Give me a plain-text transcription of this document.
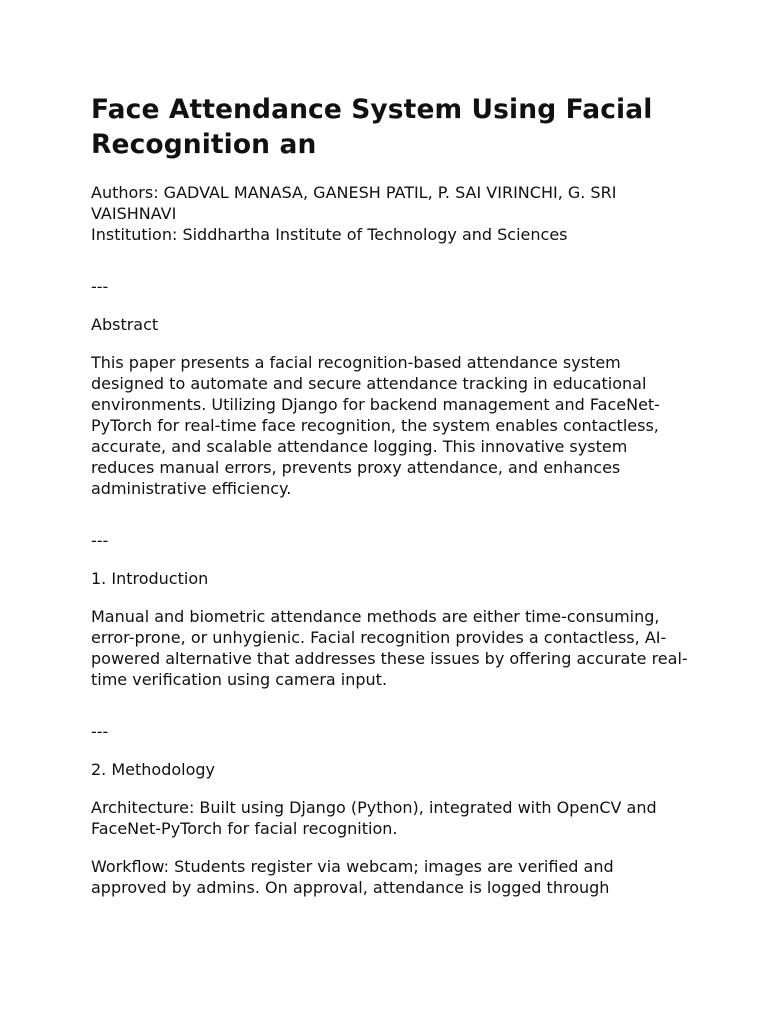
Face Attendance System Using Facial Recognition an

Authors: GADVAL MANASA, GANESH PATIL, P. SAI VIRINCHI, G. SRI VAISHNAVI

Institution: Siddhartha Institute of Technology and Sciences

---

Abstract

This paper presents a facial recognition-based attendance system designed to automate and secure attendance tracking in educational environments. Utilizing Django for backend management and FaceNet-PyTorch for real-time face recognition, the system enables contactless, accurate, and scalable attendance logging. This innovative system reduces manual errors, prevents proxy attendance, and enhances administrative efficiency.

---

1. Introduction

Manual and biometric attendance methods are either time-consuming, error-prone, or unhygienic. Facial recognition provides a contactless, AI-powered alternative that addresses these issues by offering accurate real-time verification using camera input.

---

2. Methodology

Architecture: Built using Django (Python), integrated with OpenCV and FaceNet-PyTorch for facial recognition.

Workflow: Students register via webcam; images are verified and approved by admins. On approval, attendance is logged through
